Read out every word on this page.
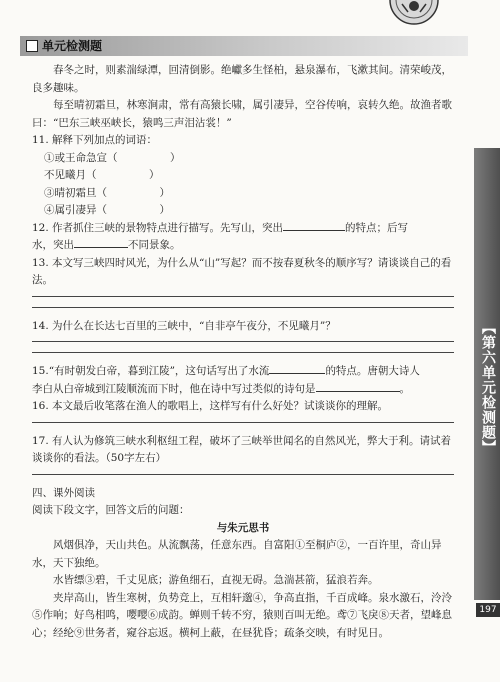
单元检测题
【第六单元检测题】
197

春冬之时，则素湍绿潭，回清倒影。绝巘多生怪柏，悬泉瀑布，飞漱其间。清荣峻茂，良多趣味。

每至晴初霜旦，林寒涧肃，常有高猿长啸，属引凄异，空谷传响，哀转久绝。故渔者歌曰：“巴东三峡巫峡长，猿鸣三声泪沾裳！”

11. 解释下列加点的词语：

①或王命急宣（　　　　　）

不见曦月（　　　　　）

③晴初霜旦（　　　　　）

④属引凄异（　　　　　）

12. 作者抓住三峡的景物特点进行描写。先写山，突出	的特点；后写
水，突出	不同景象。

13. 本文写三峡四时风光，为什么从“山”写起？而不按春夏秋冬的顺序写？请谈谈自己的看法。

14. 为什么在长达七百里的三峡中，“自非亭午夜分，不见曦月”？

15.“有时朝发白帝，暮到江陵”，这句话写出了水流	的特点。唐朝大诗人
李白从白帝城到江陵顺流而下时，他在诗中写过类似的诗句是	。

16. 本文最后收笔落在渔人的歌唱上，这样写有什么好处？试谈谈你的理解。

17. 有人认为修筑三峡水利枢纽工程，破坏了三峡举世闻名的自然风光，弊大于利。请试着谈谈你的看法。（50字左右）

四、课外阅读

阅读下段文字，回答文后的问题：

与朱元思书

风烟俱净，天山共色。从流飘荡，任意东西。自富阳①至桐庐②，一百许里，奇山异水，天下独绝。

水皆缥③碧，千丈见底；游鱼细石，直视无碍。急湍甚箭，猛浪若奔。

夹岸高山，皆生寒树，负势竞上，互相轩邈④，争高直指，千百成峰。泉水激石，泠泠⑤作响；好鸟相鸣，嘤嘤⑥成韵。蝉则千转不穷，猿则百叫无绝。鸢⑦飞戾⑧天者，望峰息心；经纶⑨世务者，窥谷忘返。横柯上蔽，在昼犹昏；疏条交映，有时见日。
